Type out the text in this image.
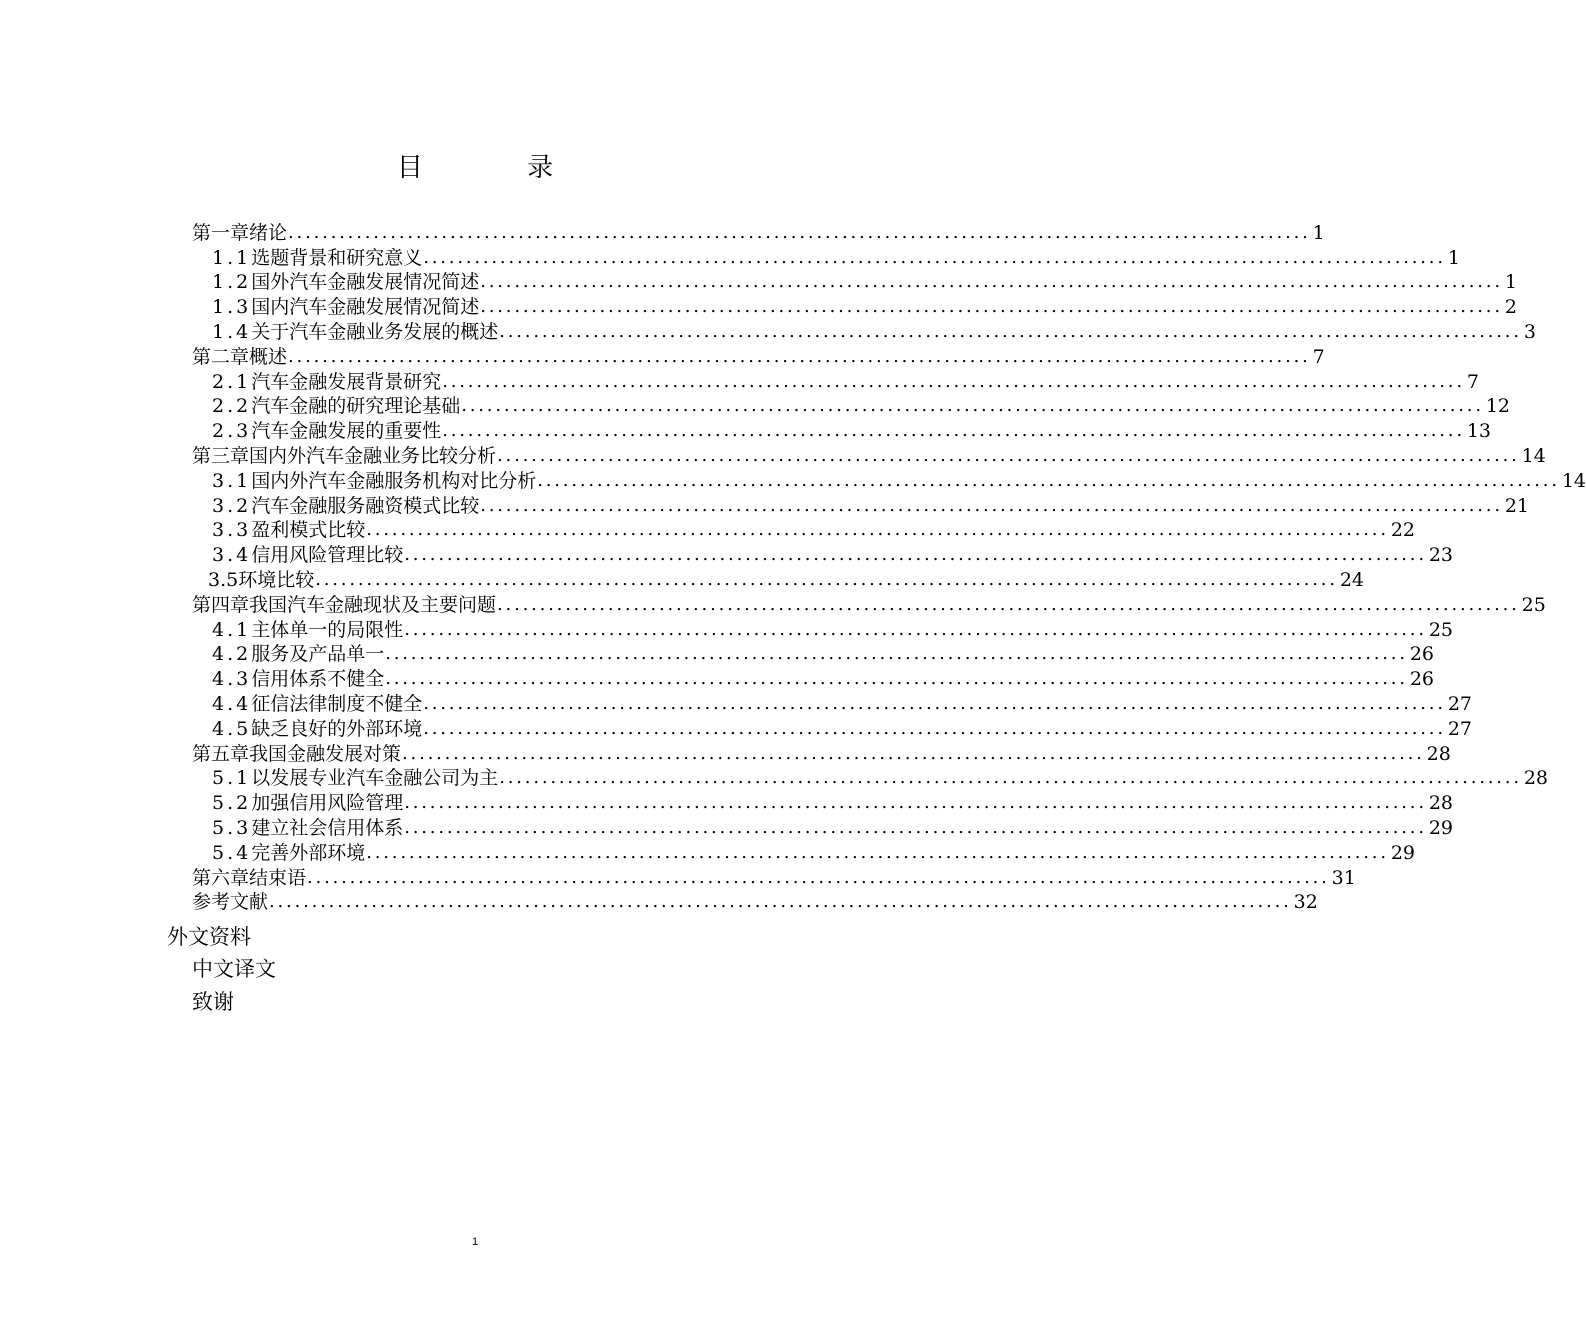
目 录
第一章 绪论 ........................................................................................................................ 1
1.1 选题背景和研究意义 ........................................................................................................................ 1
1.2 国外汽车金融发展情况简述 ........................................................................................................................ 1
1.3 国内汽车金融发展情况简述 ........................................................................................................................ 2
1.4 关于汽车金融业务发展的概述 ........................................................................................................................ 3
第二章 概述 ........................................................................................................................ 7
2.1 汽车金融发展背景研究 ........................................................................................................................ 7
2.2 汽车金融的研究理论基础 ........................................................................................................................ 12
2.3 汽车金融发展的重要性 ........................................................................................................................ 13
第三章 国内外汽车金融业务比较分析 ........................................................................................................................ 14
3.1 国内外汽车金融服务机构对比分析 ........................................................................................................................ 14
3.2 汽车金融服务融资模式比较 ........................................................................................................................ 21
3.3 盈利模式比较 ........................................................................................................................ 22
3.4 信用风险管理比较 ........................................................................................................................ 23
3.5 环境比较 ........................................................................................................................ 24
第四章 我国汽车金融现状及主要问题 ........................................................................................................................ 25
4.1 主体单一的局限性 ........................................................................................................................ 25
4.2 服务及产品单一 ........................................................................................................................ 26
4.3 信用体系不健全 ........................................................................................................................ 26
4.4 征信法律制度不健全 ........................................................................................................................ 27
4.5 缺乏良好的外部环境 ........................................................................................................................ 27
第五章 我国金融发展对策 ........................................................................................................................ 28
5.1 以发展专业汽车金融公司为主 ........................................................................................................................ 28
5.2 加强信用风险管理 ........................................................................................................................ 28
5.3 建立社会信用体系 ........................................................................................................................ 29
5.4 完善外部环境 ........................................................................................................................ 29
第六章 结束语 ........................................................................................................................ 31
参考文献 ........................................................................................................................ 32
外文资料
中文译文
致谢
1
